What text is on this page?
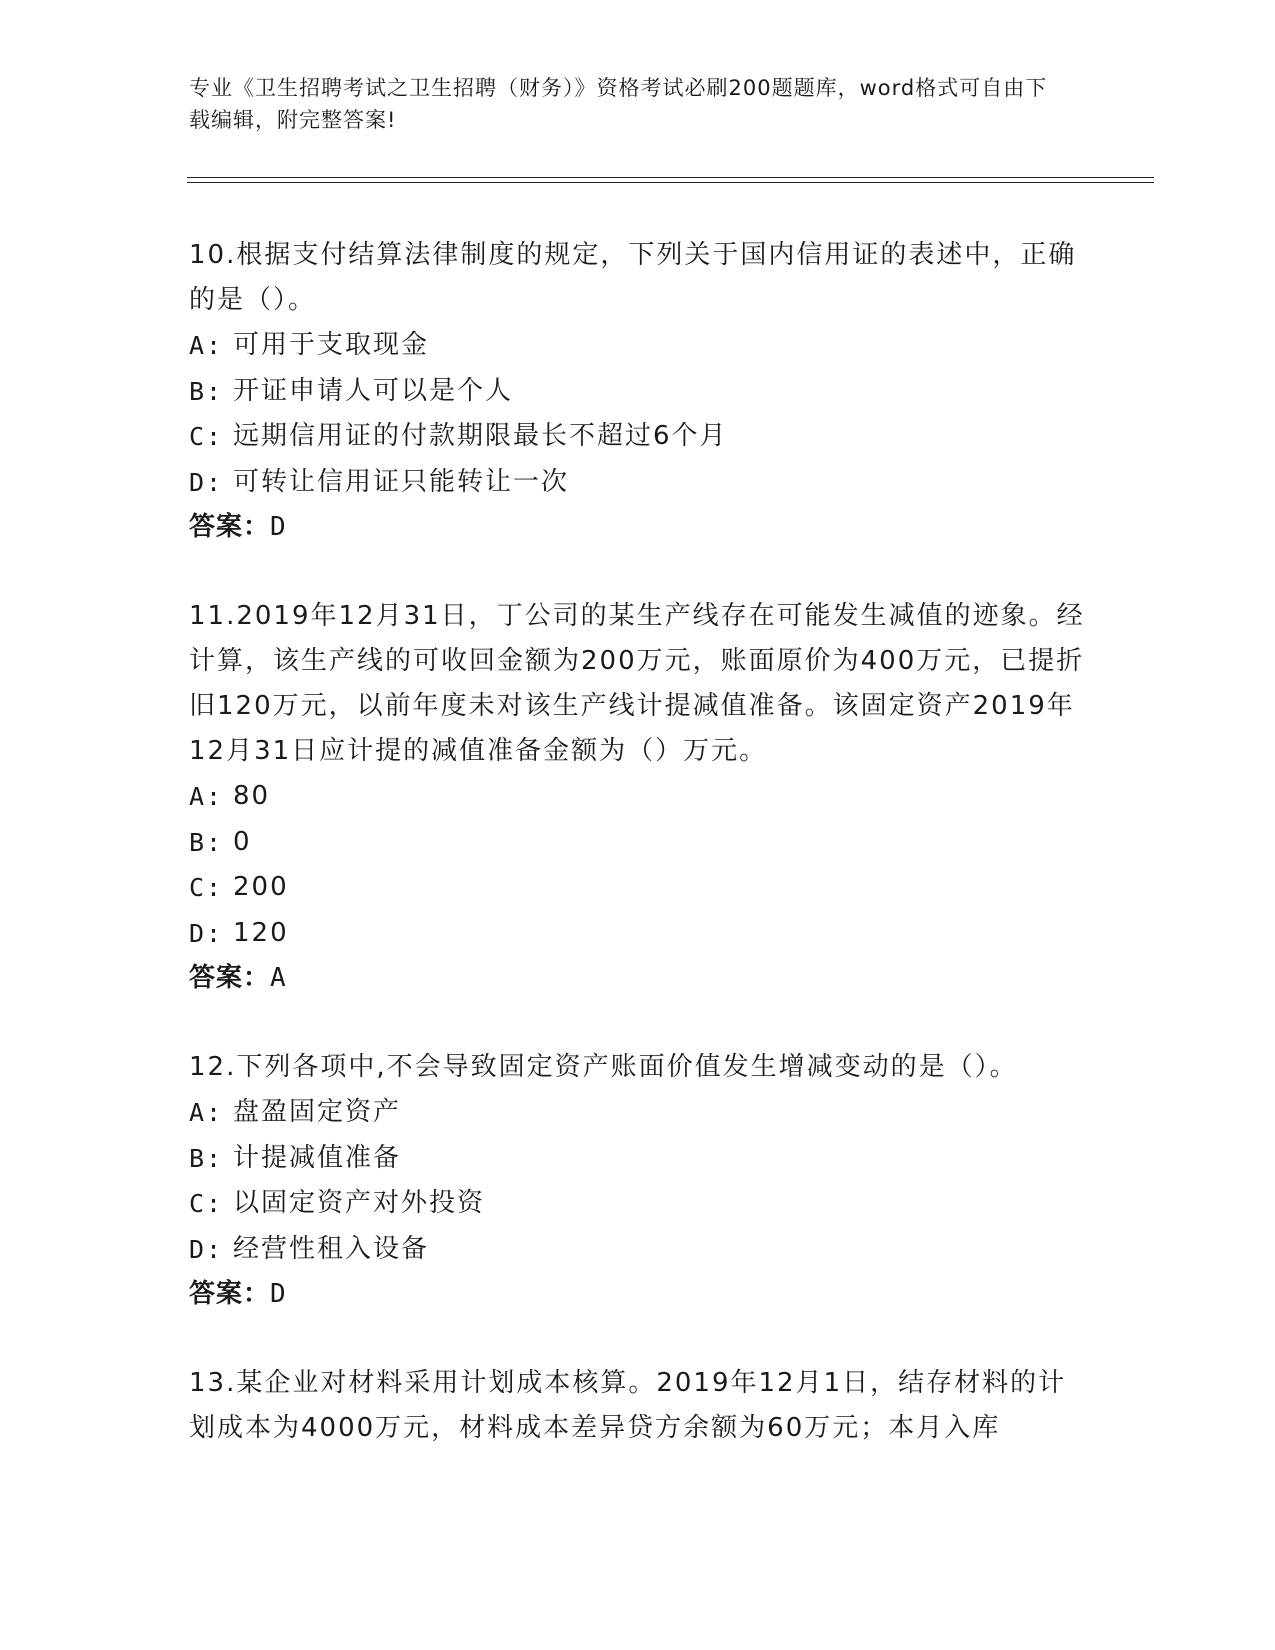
专业《卫生招聘考试之卫生招聘（财务）》资格考试必刷200题题库，word格式可自由下载编辑，附完整答案!

10.根据支付结算法律制度的规定，下列关于国内信用证的表述中，正确的是（）。

A: 可用于支取现金
B: 开证申请人可以是个人
C: 远期信用证的付款期限最长不超过6个月
D: 可转让信用证只能转让一次
答案：D

11.2019年12月31日，丁公司的某生产线存在可能发生减值的迹象。经计算，该生产线的可收回金额为200万元，账面原价为400万元，已提折旧120万元，以前年度未对该生产线计提减值准备。该固定资产2019年12月31日应计提的减值准备金额为（）万元。

A: 80
B: 0
C: 200
D: 120
答案：A

12.下列各项中,不会导致固定资产账面价值发生增减变动的是（）。

A: 盘盈固定资产
B: 计提减值准备
C: 以固定资产对外投资
D: 经营性租入设备
答案：D

13.某企业对材料采用计划成本核算。2019年12月1日，结存材料的计划成本为4000万元，材料成本差异贷方余额为60万元；本月入库
